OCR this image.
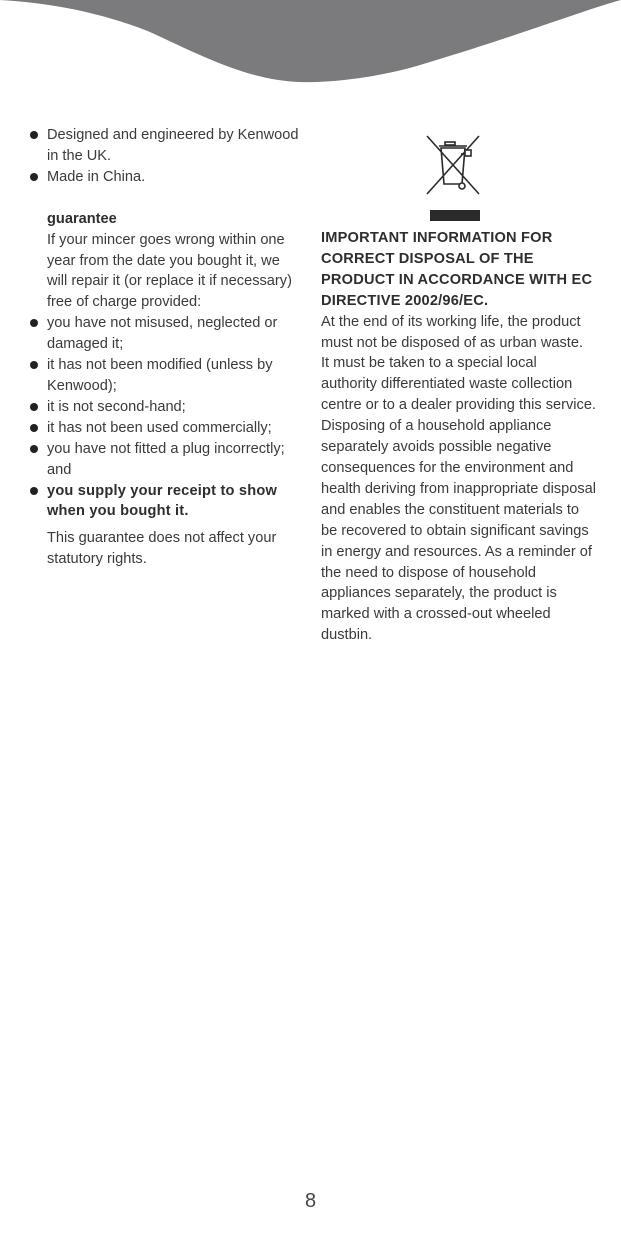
Designed and engineered by Kenwood in the UK.

Made in China.

guarantee
If your mincer goes wrong within one year from the date you bought it, we will repair it (or replace it if necessary) free of charge provided:

you have not misused, neglected or damaged it;

it has not been modified (unless by Kenwood);

it is not second-hand;

it has not been used commercially;

you have not fitted a plug incorrectly; and

you supply your receipt to show when you bought it.

This guarantee does not affect your statutory rights.
IMPORTANT INFORMATION FOR CORRECT DISPOSAL OF THE PRODUCT IN ACCORDANCE WITH EC DIRECTIVE 2002/96/EC.

At the end of its working life, the product must not be disposed of as urban waste.

It must be taken to a special local authority differentiated waste collection centre or to a dealer providing this service.

Disposing of a household appliance separately avoids possible negative consequences for the environment and health deriving from inappropriate disposal and enables the constituent materials to be recovered to obtain significant savings in energy and resources. As a reminder of the need to dispose of household appliances separately, the product is marked with a crossed-out wheeled dustbin.

8
